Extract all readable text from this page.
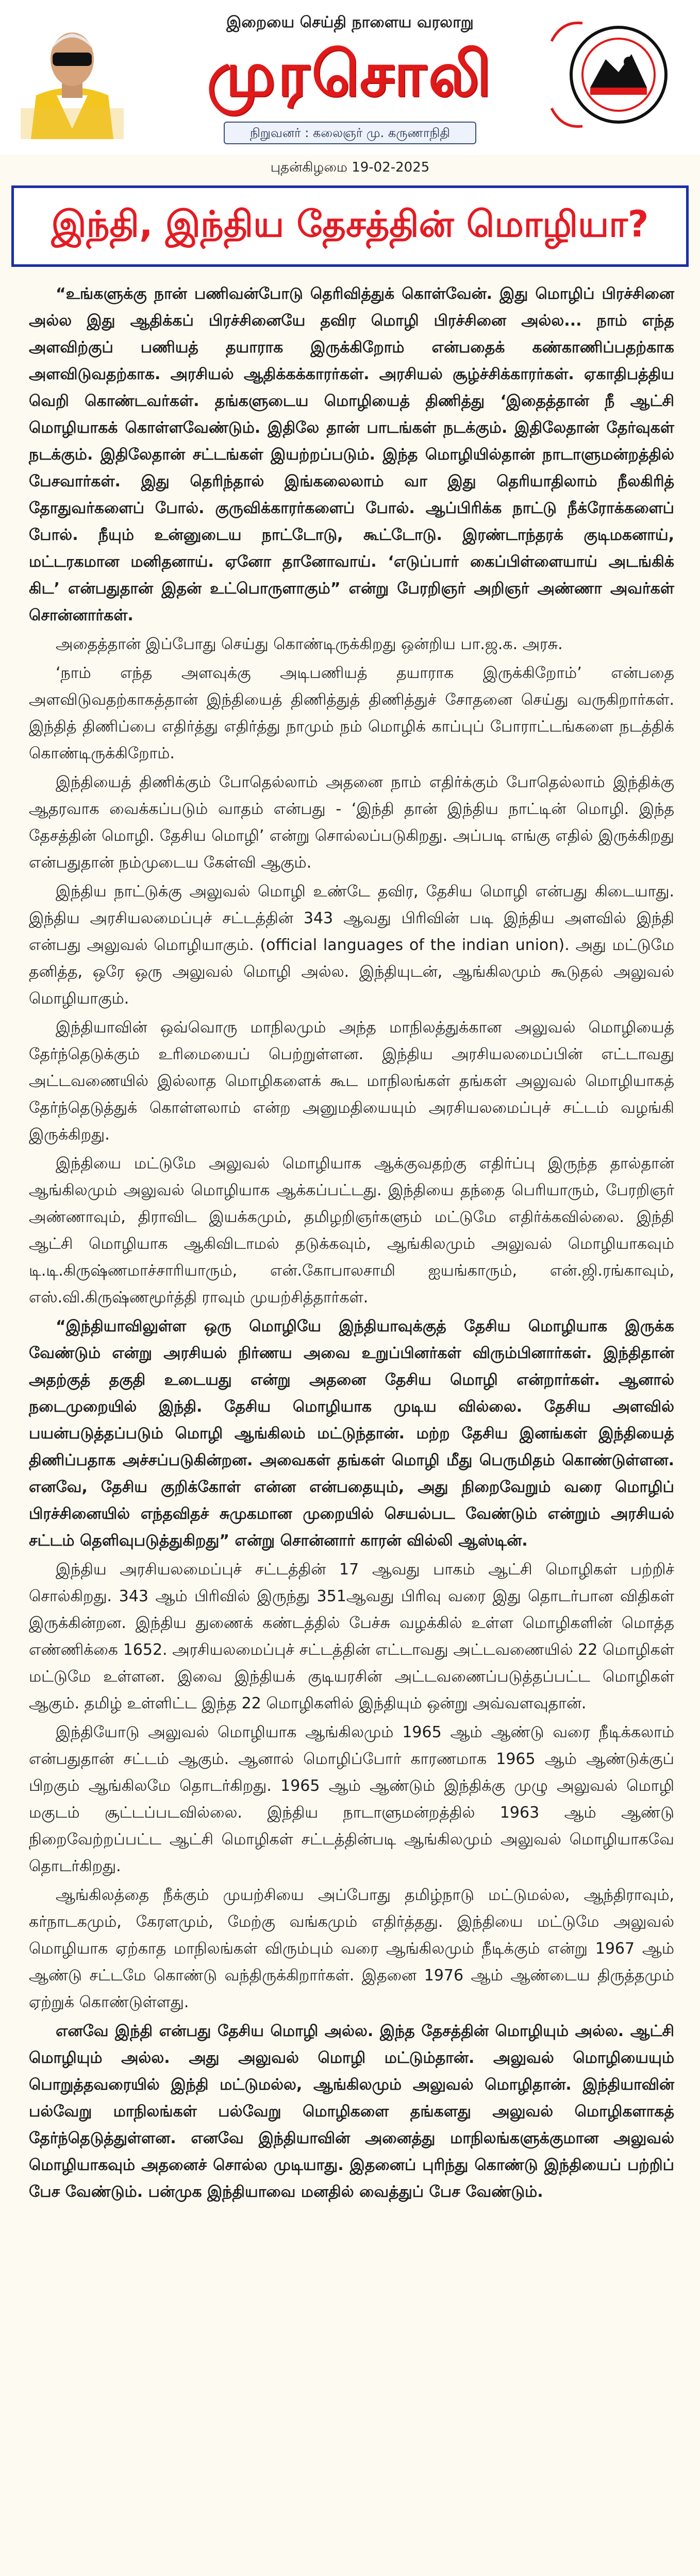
இறையை செய்தி நாளைய வரலாறு
முரசொலி
நிறுவனர் : கலைஞர் மு. கருணாநிதி
புதன்கிழமை 19-02-2025
இந்தி, இந்திய தேசத்தின் மொழியா?

“உங்களுக்கு நான் பணிவன்போடு தெரிவித்துக் கொள்வேன். இது மொழிப் பிரச்சினை அல்ல இது ஆதிக்கப் பிரச்சினையே தவிர மொழி பிரச்சினை அல்ல... நாம் எந்த அளவிற்குப் பணியத் தயாராக இருக்கிறோம் என்பதைக் கண்காணிப்பதற்காக அளவிடுவதற்காக. அரசியல் ஆதிக்கக்காரர்கள். அரசியல் சூழ்ச்சிக்காரர்கள். ஏகாதிபத்திய வெறி கொண்டவர்கள். தங்களுடைய மொழியைத் திணித்து ‘இதைத்தான் நீ ஆட்சி மொழியாகக் கொள்ளவேண்டும். இதிலே தான் பாடங்கள் நடக்கும். இதிலேதான் தேர்வுகள் நடக்கும். இதிலேதான் சட்டங்கள் இயற்றப்படும். இந்த மொழியில்தான் நாடாளுமன்றத்தில் பேசவார்கள். இது தெரிந்தால் இங்கலைலாம் வா இது தெரியாதிலாம் நீலகிரித் தோதுவர்களைப் போல். குருவிக்காரர்களைப் போல். ஆப்பிரிக்க நாட்டு நீக்ரோக்களைப் போல். நீயும் உன்னுடைய நாட்டோடு, கூட்டோடு. இரண்டாந்தரக் குடிமகனாய், மட்டரகமான மனிதனாய். ஏனோ தானோவாய். ‘எடுப்பார் கைப்பிள்ளையாய் அடங்கிக் கிட’ என்பதுதான் இதன் உட்பொருளாகும்” என்று பேரறிஞர் அறிஞர் அண்ணா அவர்கள் சொன்னார்கள்.

அதைத்தான் இப்போது செய்து கொண்டிருக்கிறது ஒன்றிய பா.ஜ.க. அரசு.

‘நாம் எந்த அளவுக்கு அடிபணியத் தயாராக இருக்கிறோம்’ என்பதை அளவிடுவதற்காகத்தான் இந்தியைத் திணித்துத் திணித்துச் சோதனை செய்து வருகிறார்கள். இந்தித் திணிப்பை எதிர்த்து எதிர்த்து நாமும் நம் மொழிக் காப்புப் போராட்டங்களை நடத்திக் கொண்டிருக்கிறோம்.

இந்தியைத் திணிக்கும் போதெல்லாம் அதனை நாம் எதிர்க்கும் போதெல்லாம் இந்திக்கு ஆதரவாக வைக்கப்படும் வாதம் என்பது - ‘இந்தி தான் இந்திய நாட்டின் மொழி. இந்த தேசத்தின் மொழி. தேசிய மொழி’ என்று சொல்லப்படுகிறது. அப்படி எங்கு எதில் இருக்கிறது என்பதுதான் நம்முடைய கேள்வி ஆகும்.

இந்திய நாட்டுக்கு அலுவல் மொழி உண்டே தவிர, தேசிய மொழி என்பது கிடையாது. இந்திய அரசியலமைப்புச் சட்டத்தின் 343 ஆவது பிரிவின் படி இந்திய அளவில் இந்தி என்பது அலுவல் மொழியாகும். (official languages of the indian union). அது மட்டுமே தனித்த, ஒரே ஒரு அலுவல் மொழி அல்ல. இந்தியுடன், ஆங்கிலமும் கூடுதல் அலுவல் மொழியாகும்.

இந்தியாவின் ஒவ்வொரு மாநிலமும் அந்த மாநிலத்துக்கான அலுவல் மொழியைத் தேர்ந்தெடுக்கும் உரிமையைப் பெற்றுள்ளன. இந்திய அரசியலமைப்பின் எட்டாவது அட்டவணையில் இல்லாத மொழிகளைக் கூட மாநிலங்கள் தங்கள் அலுவல் மொழியாகத் தேர்ந்தெடுத்துக் கொள்ளலாம் என்ற அனுமதியையும் அரசியலமைப்புச் சட்டம் வழங்கி இருக்கிறது.

இந்தியை மட்டுமே அலுவல் மொழியாக ஆக்குவதற்கு எதிர்ப்பு இருந்த தால்தான் ஆங்கிலமும் அலுவல் மொழியாக ஆக்கப்பட்டது. இந்தியை தந்தை பெரியாரும், பேரறிஞர் அண்ணாவும், திராவிட இயக்கமும், தமிழறிஞர்களும் மட்டுமே எதிர்க்கவில்லை. இந்தி ஆட்சி மொழியாக ஆகிவிடாமல் தடுக்கவும், ஆங்கிலமும் அலுவல் மொழியாகவும் டி.டி.கிருஷ்ணமாச்சாரியாரும், என்.கோபாலசாமி ஐயங்காரும், என்.ஜி.ரங்காவும், எஸ்.வி.கிருஷ்ணமூர்த்தி ராவும் முயற்சித்தார்கள்.

“இந்தியாவிலுள்ள ஒரு மொழியே இந்தியாவுக்குத் தேசிய மொழியாக இருக்க வேண்டும் என்று அரசியல் நிர்ணய அவை உறுப்பினர்கள் விரும்பினார்கள். இந்திதான் அதற்குத் தகுதி உடையது என்று அதனை தேசிய மொழி என்றார்கள். ஆனால் நடைமுறையில் இந்தி. தேசிய மொழியாக முடிய வில்லை. தேசிய அளவில் பயன்படுத்தப்படும் மொழி ஆங்கிலம் மட்டுந்தான். மற்ற தேசிய இனங்கள் இந்தியைத் திணிப்பதாக அச்சப்படுகின்றன. அவைகள் தங்கள் மொழி மீது பெருமிதம் கொண்டுள்ளன. எனவே, தேசிய குறிக்கோள் என்ன என்பதையும், அது நிறைவேறும் வரை மொழிப் பிரச்சினையில் எந்தவிதச் சுமுகமான முறையில் செயல்பட வேண்டும் என்றும் அரசியல் சட்டம் தெளிவுபடுத்துகிறது” என்று சொன்னார் காரன் வில்லி ஆஸ்டின்.

இந்திய அரசியலமைப்புச் சட்டத்தின் 17 ஆவது பாகம் ஆட்சி மொழிகள் பற்றிச் சொல்கிறது. 343 ஆம் பிரிவில் இருந்து 351ஆவது பிரிவு வரை இது தொடர்பான விதிகள் இருக்கின்றன. இந்திய துணைக் கண்டத்தில் பேச்சு வழக்கில் உள்ள மொழிகளின் மொத்த எண்ணிக்கை 1652. அரசியலமைப்புச் சட்டத்தின் எட்டாவது அட்டவணையில் 22 மொழிகள் மட்டுமே உள்ளன. இவை இந்தியக் குடியரசின் அட்டவணைப்படுத்தப்பட்ட மொழிகள் ஆகும். தமிழ் உள்ளிட்ட இந்த 22 மொழிகளில் இந்தியும் ஒன்று அவ்வளவுதான்.

இந்தியோடு அலுவல் மொழியாக ஆங்கிலமும் 1965 ஆம் ஆண்டு வரை நீடிக்கலாம் என்பதுதான் சட்டம் ஆகும். ஆனால் மொழிப்போர் காரணமாக 1965 ஆம் ஆண்டுக்குப் பிறகும் ஆங்கிலமே தொடர்கிறது. 1965 ஆம் ஆண்டும் இந்திக்கு முழு அலுவல் மொழி மகுடம் சூட்டப்படவில்லை. இந்திய நாடாளுமன்றத்தில் 1963 ஆம் ஆண்டு நிறைவேற்றப்பட்ட ஆட்சி மொழிகள் சட்டத்தின்படி ஆங்கிலமும் அலுவல் மொழியாகவே தொடர்கிறது.

ஆங்கிலத்தை நீக்கும் முயற்சியை அப்போது தமிழ்நாடு மட்டுமல்ல, ஆந்திராவும், கர்நாடகமும், கேரளமும், மேற்கு வங்கமும் எதிர்த்தது. இந்தியை மட்டுமே அலுவல் மொழியாக ஏற்காத மாநிலங்கள் விரும்பும் வரை ஆங்கிலமும் நீடிக்கும் என்று 1967 ஆம் ஆண்டு சட்டமே கொண்டு வந்திருக்கிறார்கள். இதனை 1976 ஆம் ஆண்டைய திருத்தமும் ஏற்றுக் கொண்டுள்ளது.

எனவே இந்தி என்பது தேசிய மொழி அல்ல. இந்த தேசத்தின் மொழியும் அல்ல. ஆட்சி மொழியும் அல்ல. அது அலுவல் மொழி மட்டும்தான். அலுவல் மொழியையும் பொறுத்தவரையில் இந்தி மட்டுமல்ல, ஆங்கிலமும் அலுவல் மொழிதான். இந்தியாவின் பல்வேறு மாநிலங்கள் பல்வேறு மொழிகளை தங்களது அலுவல் மொழிகளாகத் தேர்ந்தெடுத்துள்ளன. எனவே இந்தியாவின் அனைத்து மாநிலங்களுக்குமான அலுவல் மொழியாகவும் அதனைச் சொல்ல முடியாது. இதனைப் புரிந்து கொண்டு இந்தியைப் பற்றிப் பேச வேண்டும். பன்முக இந்தியாவை மனதில் வைத்துப் பேச வேண்டும்.
